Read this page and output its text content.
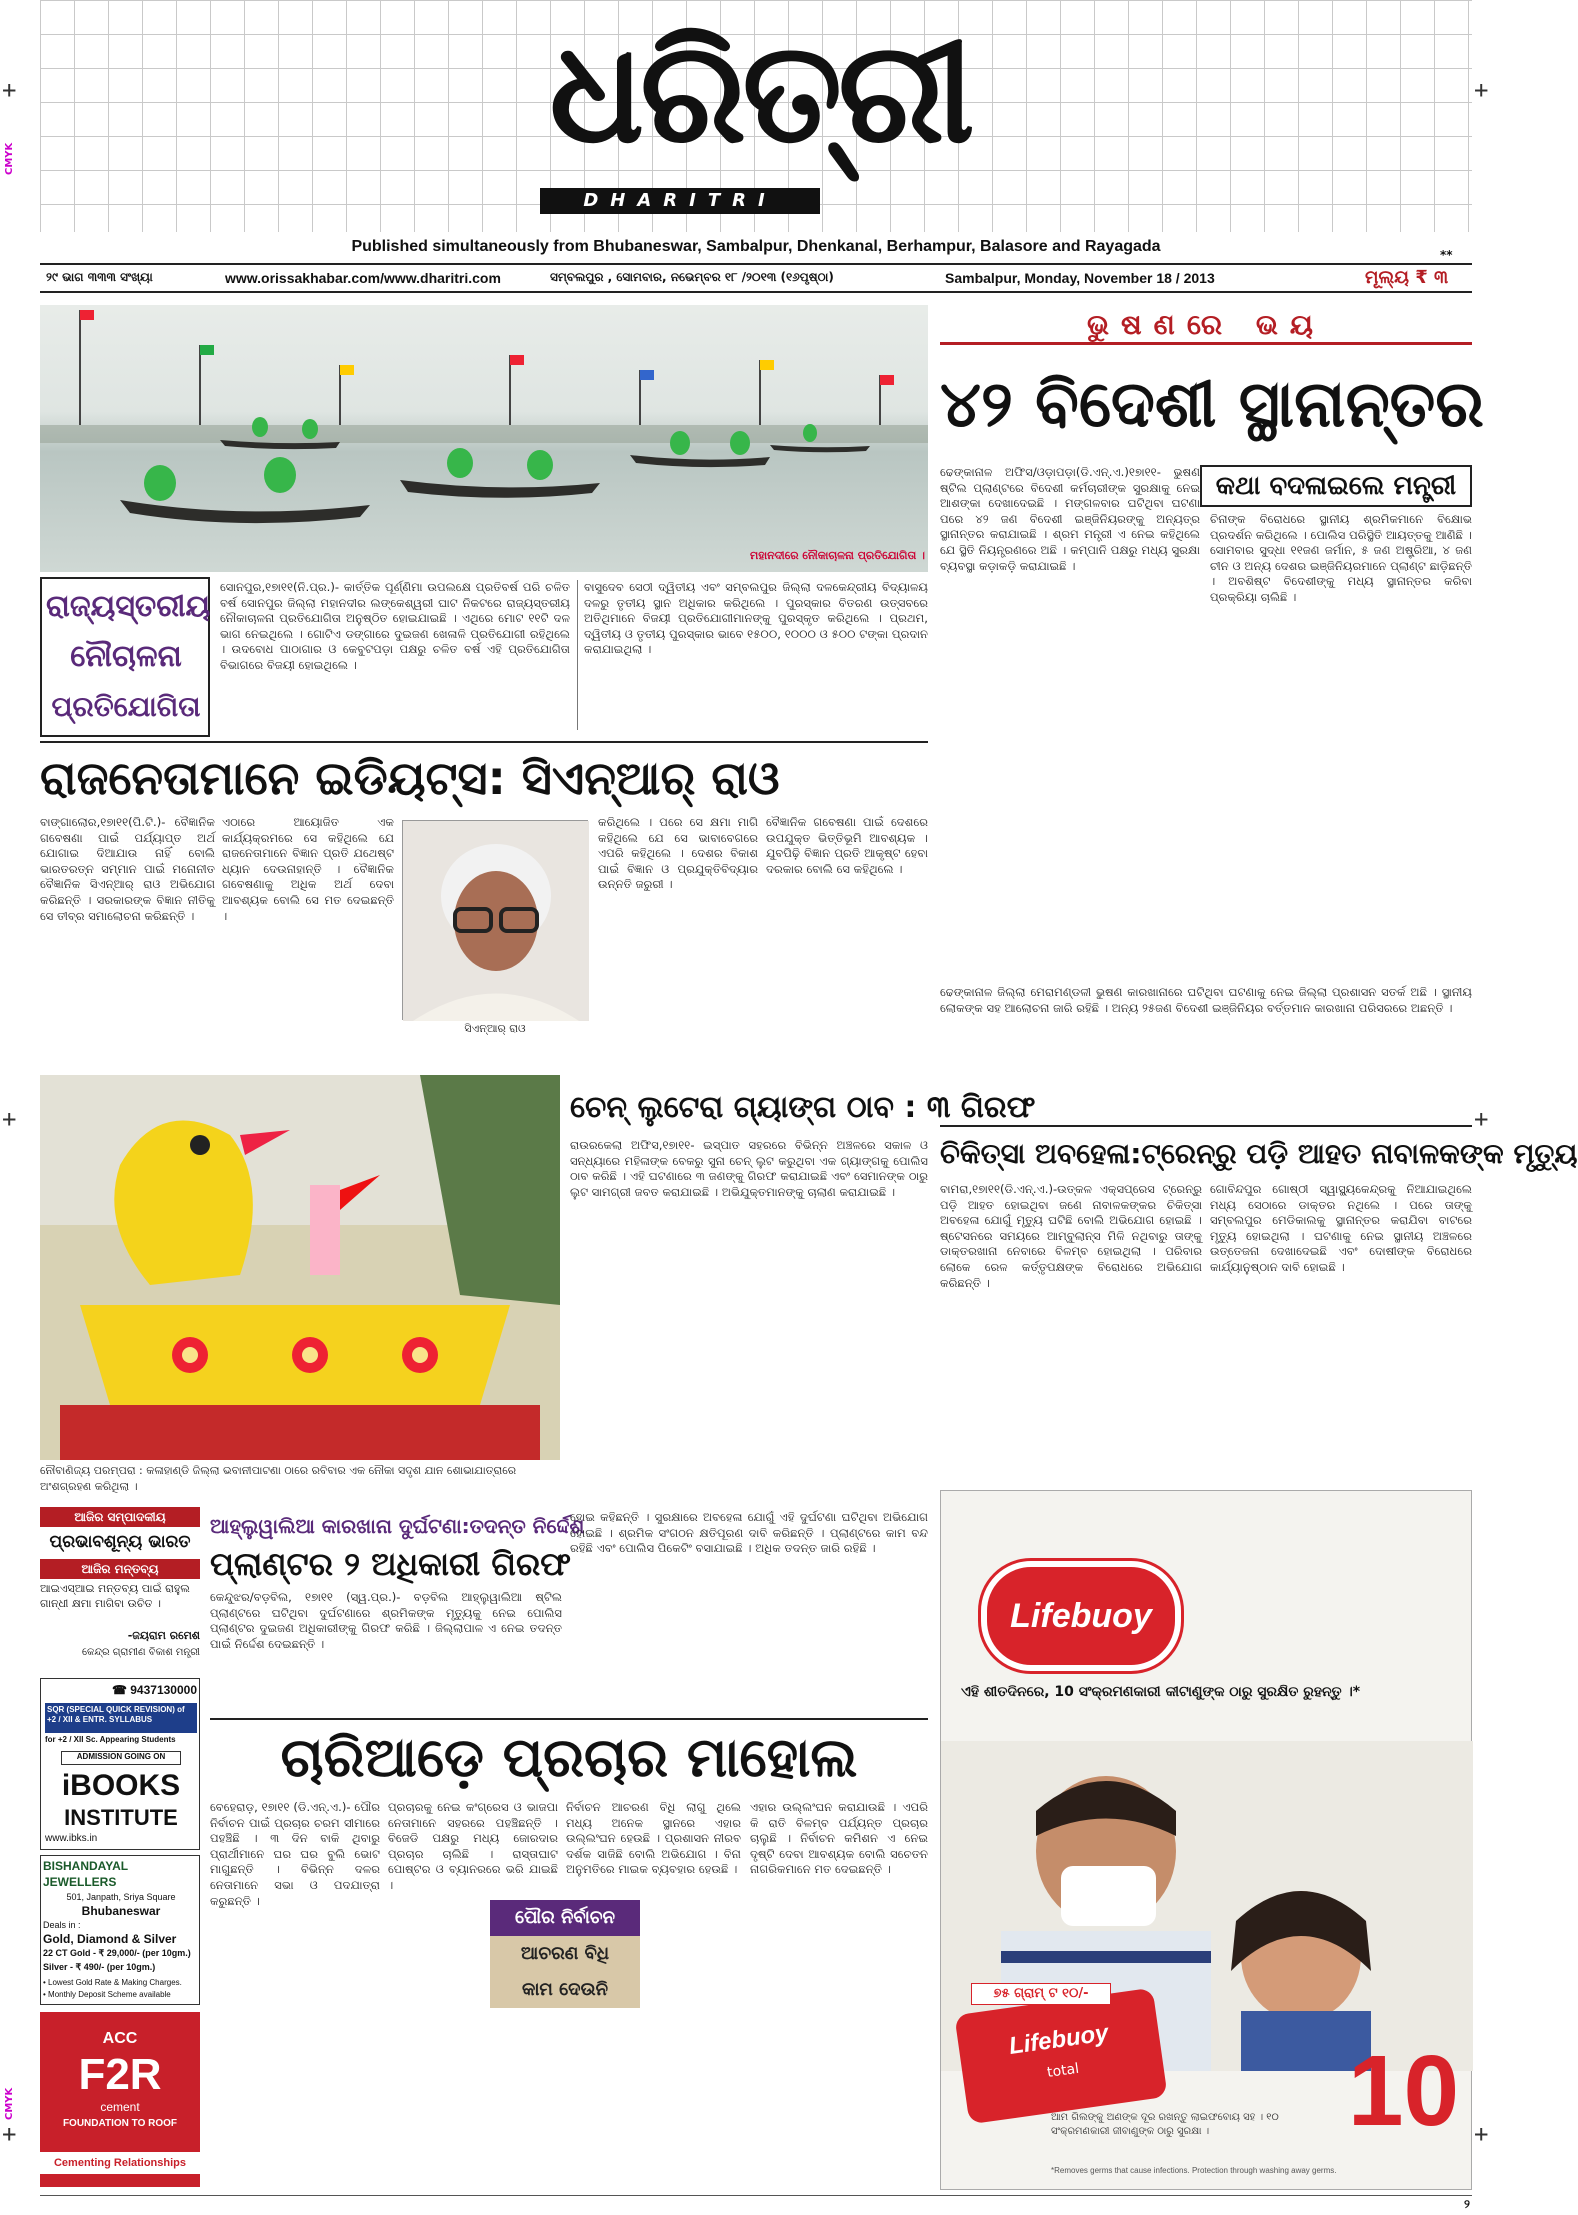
+	+
+	+
+	+
CMYK
CMYK
ଧରିତ୍ରୀ
DHARITRI
Published simultaneously from Bhubaneswar, Sambalpur, Dhenkanal, Berhampur, Balasore and Rayagada
୨୯ ଭାଗ ୩୩୩ ସଂଖ୍ୟା	www.orissakhabar.com/www.dharitri.com	ସମ୍ବଲପୁର , ସୋମବାର, ନଭେମ୍ବର ୧୮ /୨୦୧୩ (୧୬ପୃଷ୍ଠା)	Sambalpur, Monday, November 18 / 2013	ମୂଲ୍ୟ ₹ ୩
**
ମହାନଦୀରେ ନୌକାଚାଳନା ପ୍ରତିଯୋଗିତା ।
ରାଜ୍ୟସ୍ତରୀୟ
ନୌଚାଳନା
ପ୍ରତିଯୋଗିତା
ସୋନପୁର,୧୭ା୧୧(ନି.ପ୍ର.)- କାର୍ତ୍ତିକ ପୂର୍ଣ୍ଣିମା ଉପଲକ୍ଷେ ପ୍ରତିବର୍ଷ ପରି ଚଳିତ ବର୍ଷ ସୋନପୁର ଜିଲ୍ଲା ମହାନଦୀର ଲଙ୍କେଶ୍ୱରୀ ଘାଟ ନିକଟରେ ରାଜ୍ୟସ୍ତରୀୟ ନୌକାଚାଳନା ପ୍ରତିଯୋଗିତା ଅନୁଷ୍ଠିତ ହୋଇଯାଇଛି । ଏଥିରେ ମୋଟ ୧୧ଟି ଦଳ ଭାଗ ନେଇଥିଲେ । ଗୋଟିଏ ଡଙ୍ଗାରେ ଦୁଇଜଣ ଖେଳାଳି ପ୍ରତିଯୋଗୀ ରହିଥିଲେ । ଉଦବୋଧ ପାଠାଗାର ଓ କେବୁଟପଡ଼ା ପକ୍ଷରୁ ଚଳିତ ବର୍ଷ ଏହି ପ୍ରତିଯୋଗିତା ବିଭାଗରେ ବିଜୟୀ ହୋଇଥିଲେ ।
ବାସୁଦେବ ସେଠୀ ଦ୍ୱିତୀୟ ଏବଂ ସମ୍ବଲପୁର ଜିଲ୍ଲା ଦଳକେନ୍ଦ୍ରୀୟ ବିଦ୍ୟାଳୟ ଦଳରୁ ତୃତୀୟ ସ୍ଥାନ ଅଧିକାର କରିଥିଲେ । ପୁରସ୍କାର ବିତରଣ ଉତ୍ସବରେ ଅତିଥିମାନେ ବିଜୟୀ ପ୍ରତିଯୋଗୀମାନଙ୍କୁ ପୁରସ୍କୃତ କରିଥିଲେ । ପ୍ରଥମ, ଦ୍ୱିତୀୟ ଓ ତୃତୀୟ ପୁରସ୍କାର ଭାବେ ୧୫୦୦, ୧୦୦୦ ଓ ୫୦୦ ଟଙ୍କା ପ୍ରଦାନ କରାଯାଇଥିଲା ।
ରାଜନେତାମାନେ ଇଡିୟଟ୍ସ: ସିଏନ୍‌ଆର୍‌ ରାଓ
ବାଙ୍ଗାଲୋର,୧୭ା୧୧(ପି.ଟି.)- ବୈଜ୍ଞାନିକ ଗବେଷଣା ପାଇଁ ପର୍ଯ୍ୟାପ୍ତ ଅର୍ଥ ଯୋଗାଇ ଦିଆଯାଉ ନାହିଁ ବୋଲି ଭାରତରତ୍ନ ସମ୍ମାନ ପାଇଁ ମନୋନୀତ ବୈଜ୍ଞାନିକ ସିଏନ୍‌ଆର୍‌ ରାଓ ଅଭିଯୋଗ କରିଛନ୍ତି । ସରକାରଙ୍କ ବିଜ୍ଞାନ ନୀତିକୁ ସେ ତୀବ୍ର ସମାଲୋଚନା କରିଛନ୍ତି ।
ଏଠାରେ ଆୟୋଜିତ ଏକ କାର୍ଯ୍ୟକ୍ରମରେ ସେ କହିଥିଲେ ଯେ ରାଜନେତାମାନେ ବିଜ୍ଞାନ ପ୍ରତି ଯଥେଷ୍ଟ ଧ୍ୟାନ ଦେଉନାହାନ୍ତି । ବୈଜ୍ଞାନିକ ଗବେଷଣାକୁ ଅଧିକ ଅର୍ଥ ଦେବା ଆବଶ୍ୟକ ବୋଲି ସେ ମତ ଦେଇଛନ୍ତି ।
ସିଏନ୍‌ଆର୍‌ ରାଓ
କରିଥିଲେ । ପରେ ସେ କ୍ଷମା ମାଗି କହିଥିଲେ ଯେ ସେ ଭାବାବେଗରେ ଏପରି କହିଥିଲେ । ଦେଶର ବିକାଶ ପାଇଁ ବିଜ୍ଞାନ ଓ ପ୍ରଯୁକ୍ତିବିଦ୍ୟାର ଉନ୍ନତି ଜରୁରୀ ।
ବୈଜ୍ଞାନିକ ଗବେଷଣା ପାଇଁ ଦେଶରେ ଉପଯୁକ୍ତ ଭିତ୍ତିଭୂମି ଆବଶ୍ୟକ । ଯୁବପିଢ଼ି ବିଜ୍ଞାନ ପ୍ରତି ଆକୃଷ୍ଟ ହେବା ଦରକାର ବୋଲି ସେ କହିଥିଲେ ।
ନୌବାଣିଜ୍ୟ ପରମ୍ପରା : କଳାହାଣ୍ଡି ଜିଲ୍ଲା ଭବାନୀପାଟଣା ଠାରେ ରବିବାର ଏକ ନୌକା ସଦୃଶ ଯାନ ଶୋଭାଯାତ୍ରାରେ ଅଂଶଗ୍ରହଣ କରିଥିଲା ।
ଚେନ୍‌ ଲୁଟେରା ଗ୍ୟାଙ୍ଗ ଠାବ : ୩ ଗିରଫ
ରାଉରକେଲା ଅଫିସ,୧୭ା୧୧- ଇସ୍ପାତ ସହରରେ ବିଭିନ୍ନ ଅଞ୍ଚଳରେ ସକାଳ ଓ ସନ୍ଧ୍ୟାରେ ମହିଳାଙ୍କ ବେକରୁ ସୁନା ଚେନ୍ ଲୁଟ କରୁଥିବା ଏକ ଗ୍ୟାଙ୍ଗକୁ ପୋଲିସ ଠାବ କରିଛି । ଏହି ଘଟଣାରେ ୩ ଜଣଙ୍କୁ ଗିରଫ କରାଯାଇଛି ଏବଂ ସେମାନଙ୍କ ଠାରୁ ଲୁଟ ସାମଗ୍ରୀ ଜବତ କରାଯାଇଛି । ଅଭିଯୁକ୍ତମାନଙ୍କୁ ଚାଲାଣ କରାଯାଇଛି ।
ଭୁଷଣରେ ଭୟ
୪୨ ବିଦେଶୀ ସ୍ଥାନାନ୍ତର
ଢେଙ୍କାନାଳ ଅଫିସ/ଓଡ଼ାପଡ଼ା(ଡି.ଏନ୍.ଏ.)୧୭ା୧୧- ଭୁଷଣ ଷ୍ଟିଲ ପ୍ଲାଣ୍ଟରେ ବିଦେଶୀ କର୍ମଚାରୀଙ୍କ ସୁରକ୍ଷାକୁ ନେଇ ଆଶଙ୍କା ଦେଖାଦେଇଛି । ମଙ୍ଗଳବାର ଘଟିଥିବା ଘଟଣା ପରେ ୪୨ ଜଣ ବିଦେଶୀ ଇଞ୍ଜିନିୟରଙ୍କୁ ଅନ୍ୟତ୍ର ସ୍ଥାନାନ୍ତର କରାଯାଇଛି । ଶ୍ରମ ମନ୍ତ୍ରୀ ଏ ନେଇ କହିଥିଲେ ଯେ ସ୍ଥିତି ନିୟନ୍ତ୍ରଣରେ ଅଛି । କମ୍ପାନି ପକ୍ଷରୁ ମଧ୍ୟ ସୁରକ୍ଷା ବ୍ୟବସ୍ଥା କଡ଼ାକଡ଼ି କରାଯାଇଛି ।
କଥା ବଦଳାଇଲେ ମନ୍ତ୍ରୀ
ଚିନାଙ୍କ ବିରୋଧରେ ସ୍ଥାନୀୟ ଶ୍ରମିକମାନେ ବିକ୍ଷୋଭ ପ୍ରଦର୍ଶନ କରିଥିଲେ । ପୋଲିସ ପରିସ୍ଥିତି ଆୟତ୍ତକୁ ଆଣିଛି । ସୋମବାର ସୁଦ୍ଧା ୧୧ଜଣ ଜର୍ମାନ, ୫ ଜଣ ଅଷ୍ଟ୍ରିଆ, ୪ ଜଣ ଚୀନ ଓ ଅନ୍ୟ ଦେଶର ଇଞ୍ଜିନିୟରମାନେ ପ୍ଲାଣ୍ଟ ଛାଡ଼ିଛନ୍ତି । ଅବଶିଷ୍ଟ ବିଦେଶୀଙ୍କୁ ମଧ୍ୟ ସ୍ଥାନାନ୍ତର କରିବା ପ୍ରକ୍ରିୟା ଚାଲିଛି ।
ଢେଙ୍କାନାଳ ଜିଲ୍ଲା ମେରାମଣ୍ଡଳୀ ଭୁଷଣ କାରଖାନାରେ ଘଟିଥିବା ଘଟଣାକୁ ନେଇ ଜିଲ୍ଲା ପ୍ରଶାସନ ସତର୍କ ଅଛି । ସ୍ଥାନୀୟ ଲୋକଙ୍କ ସହ ଆଲୋଚନା ଜାରି ରହିଛି । ଅନ୍ୟ ୨୫ଜଣ ବିଦେଶୀ ଇଞ୍ଜିନିୟର ବର୍ତ୍ତମାନ କାରଖାନା ପରିସରରେ ଅଛନ୍ତି ।
ଚିକିତ୍ସା ଅବହେଳା:ଟ୍ରେନ୍‌ରୁ ପଡ଼ି ଆହତ ନାବାଳକଙ୍କ ମୃତ୍ୟୁ
ବାମରା,୧୭ା୧୧(ଡି.ଏନ୍.ଏ.)-ଉତ୍କଳ ଏକ୍ସପ୍ରେସ ଟ୍ରେନ୍‌ରୁ ପଡ଼ି ଆହତ ହୋଇଥିବା ଜଣେ ନାବାଳକଙ୍କର ଚିକିତ୍ସା ଅବହେଳା ଯୋଗୁଁ ମୃତ୍ୟୁ ଘଟିଛି ବୋଲି ଅଭିଯୋଗ ହୋଇଛି । ଷ୍ଟେସନରେ ସମୟରେ ଆମ୍ବୁଲାନ୍ସ ମିଳି ନଥିବାରୁ ତାଙ୍କୁ ଡାକ୍ତରଖାନା ନେବାରେ ବିଳମ୍ବ ହୋଇଥିଲା । ପରିବାର ଲୋକେ ରେଳ କର୍ତ୍ତୃପକ୍ଷଙ୍କ ବିରୋଧରେ ଅଭିଯୋଗ କରିଛନ୍ତି ।
ଗୋବିନ୍ଦପୁର ଗୋଷ୍ଠୀ ସ୍ୱାସ୍ଥ୍ୟକେନ୍ଦ୍ରକୁ ନିଆଯାଇଥିଲେ ମଧ୍ୟ ସେଠାରେ ଡାକ୍ତର ନଥିଲେ । ପରେ ତାଙ୍କୁ ସମ୍ବଲପୁର ମେଡିକାଲକୁ ସ୍ଥାନାନ୍ତର କରାଯିବା ବାଟରେ ମୃତ୍ୟୁ ହୋଇଥିଲା । ଘଟଣାକୁ ନେଇ ସ୍ଥାନୀୟ ଅଞ୍ଚଳରେ ଉତ୍ତେଜନା ଦେଖାଦେଇଛି ଏବଂ ଦୋଷୀଙ୍କ ବିରୋଧରେ କାର୍ଯ୍ୟାନୁଷ୍ଠାନ ଦାବି ହୋଇଛି ।
Lifebuoy
ଏହି ଶୀତଦିନରେ, 10 ସଂକ୍ରମଣକାରୀ କୀଟାଣୁଙ୍କ ଠାରୁ ସୁରକ୍ଷିତ ରୁହନ୍ତୁ ।*
Lifebuoy
total
୭୫ ଗ୍ରାମ୍ ଟ ୧୦/-
10
ଆମ ଗିଲଙ୍କୁ ଅଣଙ୍କ ଦୂର ରଖନ୍ତୁ ଲାଇଫବୋୟ ସହ । ୧୦ ସଂକ୍ରମଣକାରୀ ଜୀବାଣୁଙ୍କ ଠାରୁ ସୁରକ୍ଷା ।
*Removes germs that cause infections. Protection through washing away germs.
ଆଜିର ସମ୍ପାଦକୀୟ
ପ୍ରଭାବଶୂନ୍ୟ ଭାରତ
ଆଜିର ମନ୍ତବ୍ୟ
ଆଇଏସ୍‌ଆଇ ମନ୍ତବ୍ୟ ପାଇଁ ରାହୁଲ ଗାନ୍ଧୀ କ୍ଷମା ମାଗିବା ଉଚିତ ।
-ଜୟରାମ ରମେଶ
କେନ୍ଦ୍ର ଗ୍ରାମୀଣ ବିକାଶ ମନ୍ତ୍ରୀ
☎ 9437130000
SQR (SPECIAL QUICK REVISION) of +2 / XII & ENTR. SYLLABUS
for +2 / XII Sc. Appearing Students
ADMISSION GOING ON
iBOOKS
INSTITUTE
www.ibks.in
BISHANDAYAL JEWELLERS
501, Janpath, Sriya Square
Bhubaneswar
Deals in :
Gold, Diamond & Silver
22 CT Gold - ₹ 29,000/- (per 10gm.)
Silver - ₹ 490/- (per 10gm.)
• Lowest Gold Rate & Making Charges.
• Monthly Deposit Scheme available
ACC
F2R
cement
FOUNDATION TO ROOF
Cementing Relationships
ଆହ୍ଲୁୱାଲିଆ କାରଖାନା ଦୁର୍ଘଟଣା:ତଦନ୍ତ ନିର୍ଦ୍ଦେଶ
ପ୍ଲାଣ୍ଟର ୨ ଅଧିକାରୀ ଗିରଫ
କେନ୍ଦୁଝର/ବଡ଼ବିଲ, ୧୭ା୧୧ (ସ୍ୱ.ପ୍ର.)- ବଡ଼ବିଲ ଆହ୍ଲୁୱାଲିଆ ଷ୍ଟିଲ ପ୍ଲାଣ୍ଟରେ ଘଟିଥିବା ଦୁର୍ଘଟଣାରେ ଶ୍ରମିକଙ୍କ ମୃତ୍ୟୁକୁ ନେଇ ପୋଲିସ ପ୍ଲାଣ୍ଟର ଦୁଇଜଣ ଅଧିକାରୀଙ୍କୁ ଗିରଫ କରିଛି । ଜିଲ୍ଲାପାଳ ଏ ନେଇ ତଦନ୍ତ ପାଇଁ ନିର୍ଦ୍ଦେଶ ଦେଇଛନ୍ତି ।
ହୋଇ କହିଛନ୍ତି । ସୁରକ୍ଷାରେ ଅବହେଳା ଯୋଗୁଁ ଏହି ଦୁର୍ଘଟଣା ଘଟିଥିବା ଅଭିଯୋଗ ହୋଇଛି । ଶ୍ରମିକ ସଂଗଠନ କ୍ଷତିପୂରଣ ଦାବି କରିଛନ୍ତି । ପ୍ଲାଣ୍ଟରେ କାମ ବନ୍ଦ ରହିଛି ଏବଂ ପୋଲିସ ପିକେଟିଂ ବସାଯାଇଛି । ଅଧିକ ତଦନ୍ତ ଜାରି ରହିଛି ।
ଚାରିଆଡ଼େ ପ୍ରଚାର ମାହୋଲ
ବେହେରାଡ଼, ୧୭ା୧୧ (ଡି.ଏନ୍.ଏ.)- ପୌର ନିର୍ବାଚନ ପାଇଁ ପ୍ରଚାର ଚରମ ସୀମାରେ ପହଞ୍ଚିଛି । ୩ ଦିନ ବାକି ଥିବାରୁ ପ୍ରାର୍ଥୀମାନେ ଘର ଘର ବୁଲି ଭୋଟ ମାଗୁଛନ୍ତି । ବିଭିନ୍ନ ଦଳର ନେତାମାନେ ସଭା ଓ ପଦଯାତ୍ରା କରୁଛନ୍ତି ।
ପ୍ରଚାରକୁ ନେଇ କଂଗ୍ରେସ ଓ ଭାଜପା ନେତାମାନେ ସହରରେ ପହଞ୍ଚିଛନ୍ତି । ବିଜେଡି ପକ୍ଷରୁ ମଧ୍ୟ ଜୋରଦାର ପ୍ରଚାର ଚାଲିଛି । ରାସ୍ତାଘାଟ ପୋଷ୍ଟର ଓ ବ୍ୟାନରରେ ଭରି ଯାଇଛି ।
ପୌର ନିର୍ବାଚନ
ଆଚରଣ ବିଧି
କାମ ଦେଉନି
ନିର୍ବାଚନ ଆଚରଣ ବିଧି ଲାଗୁ ଥିଲେ ମଧ୍ୟ ଅନେକ ସ୍ଥାନରେ ଏହାର ଉଲ୍ଲଂଘନ ହେଉଛି । ପ୍ରଶାସନ ନୀରବ ଦର୍ଶକ ସାଜିଛି ବୋଲି ଅଭିଯୋଗ । ବିନା ଅନୁମତିରେ ମାଇକ ବ୍ୟବହାର ହେଉଛି ।
ଏହାର ଉଲ୍ଲଂଘନ କରାଯାଉଛି । ଏପରି କି ରାତି ବିଳମ୍ବ ପର୍ଯ୍ୟନ୍ତ ପ୍ରଚାର ଚାଲୁଛି । ନିର୍ବାଚନ କମିଶନ ଏ ନେଇ ଦୃଷ୍ଟି ଦେବା ଆବଶ୍ୟକ ବୋଲି ସଚେତନ ନାଗରିକମାନେ ମତ ଦେଇଛନ୍ତି ।
୨
